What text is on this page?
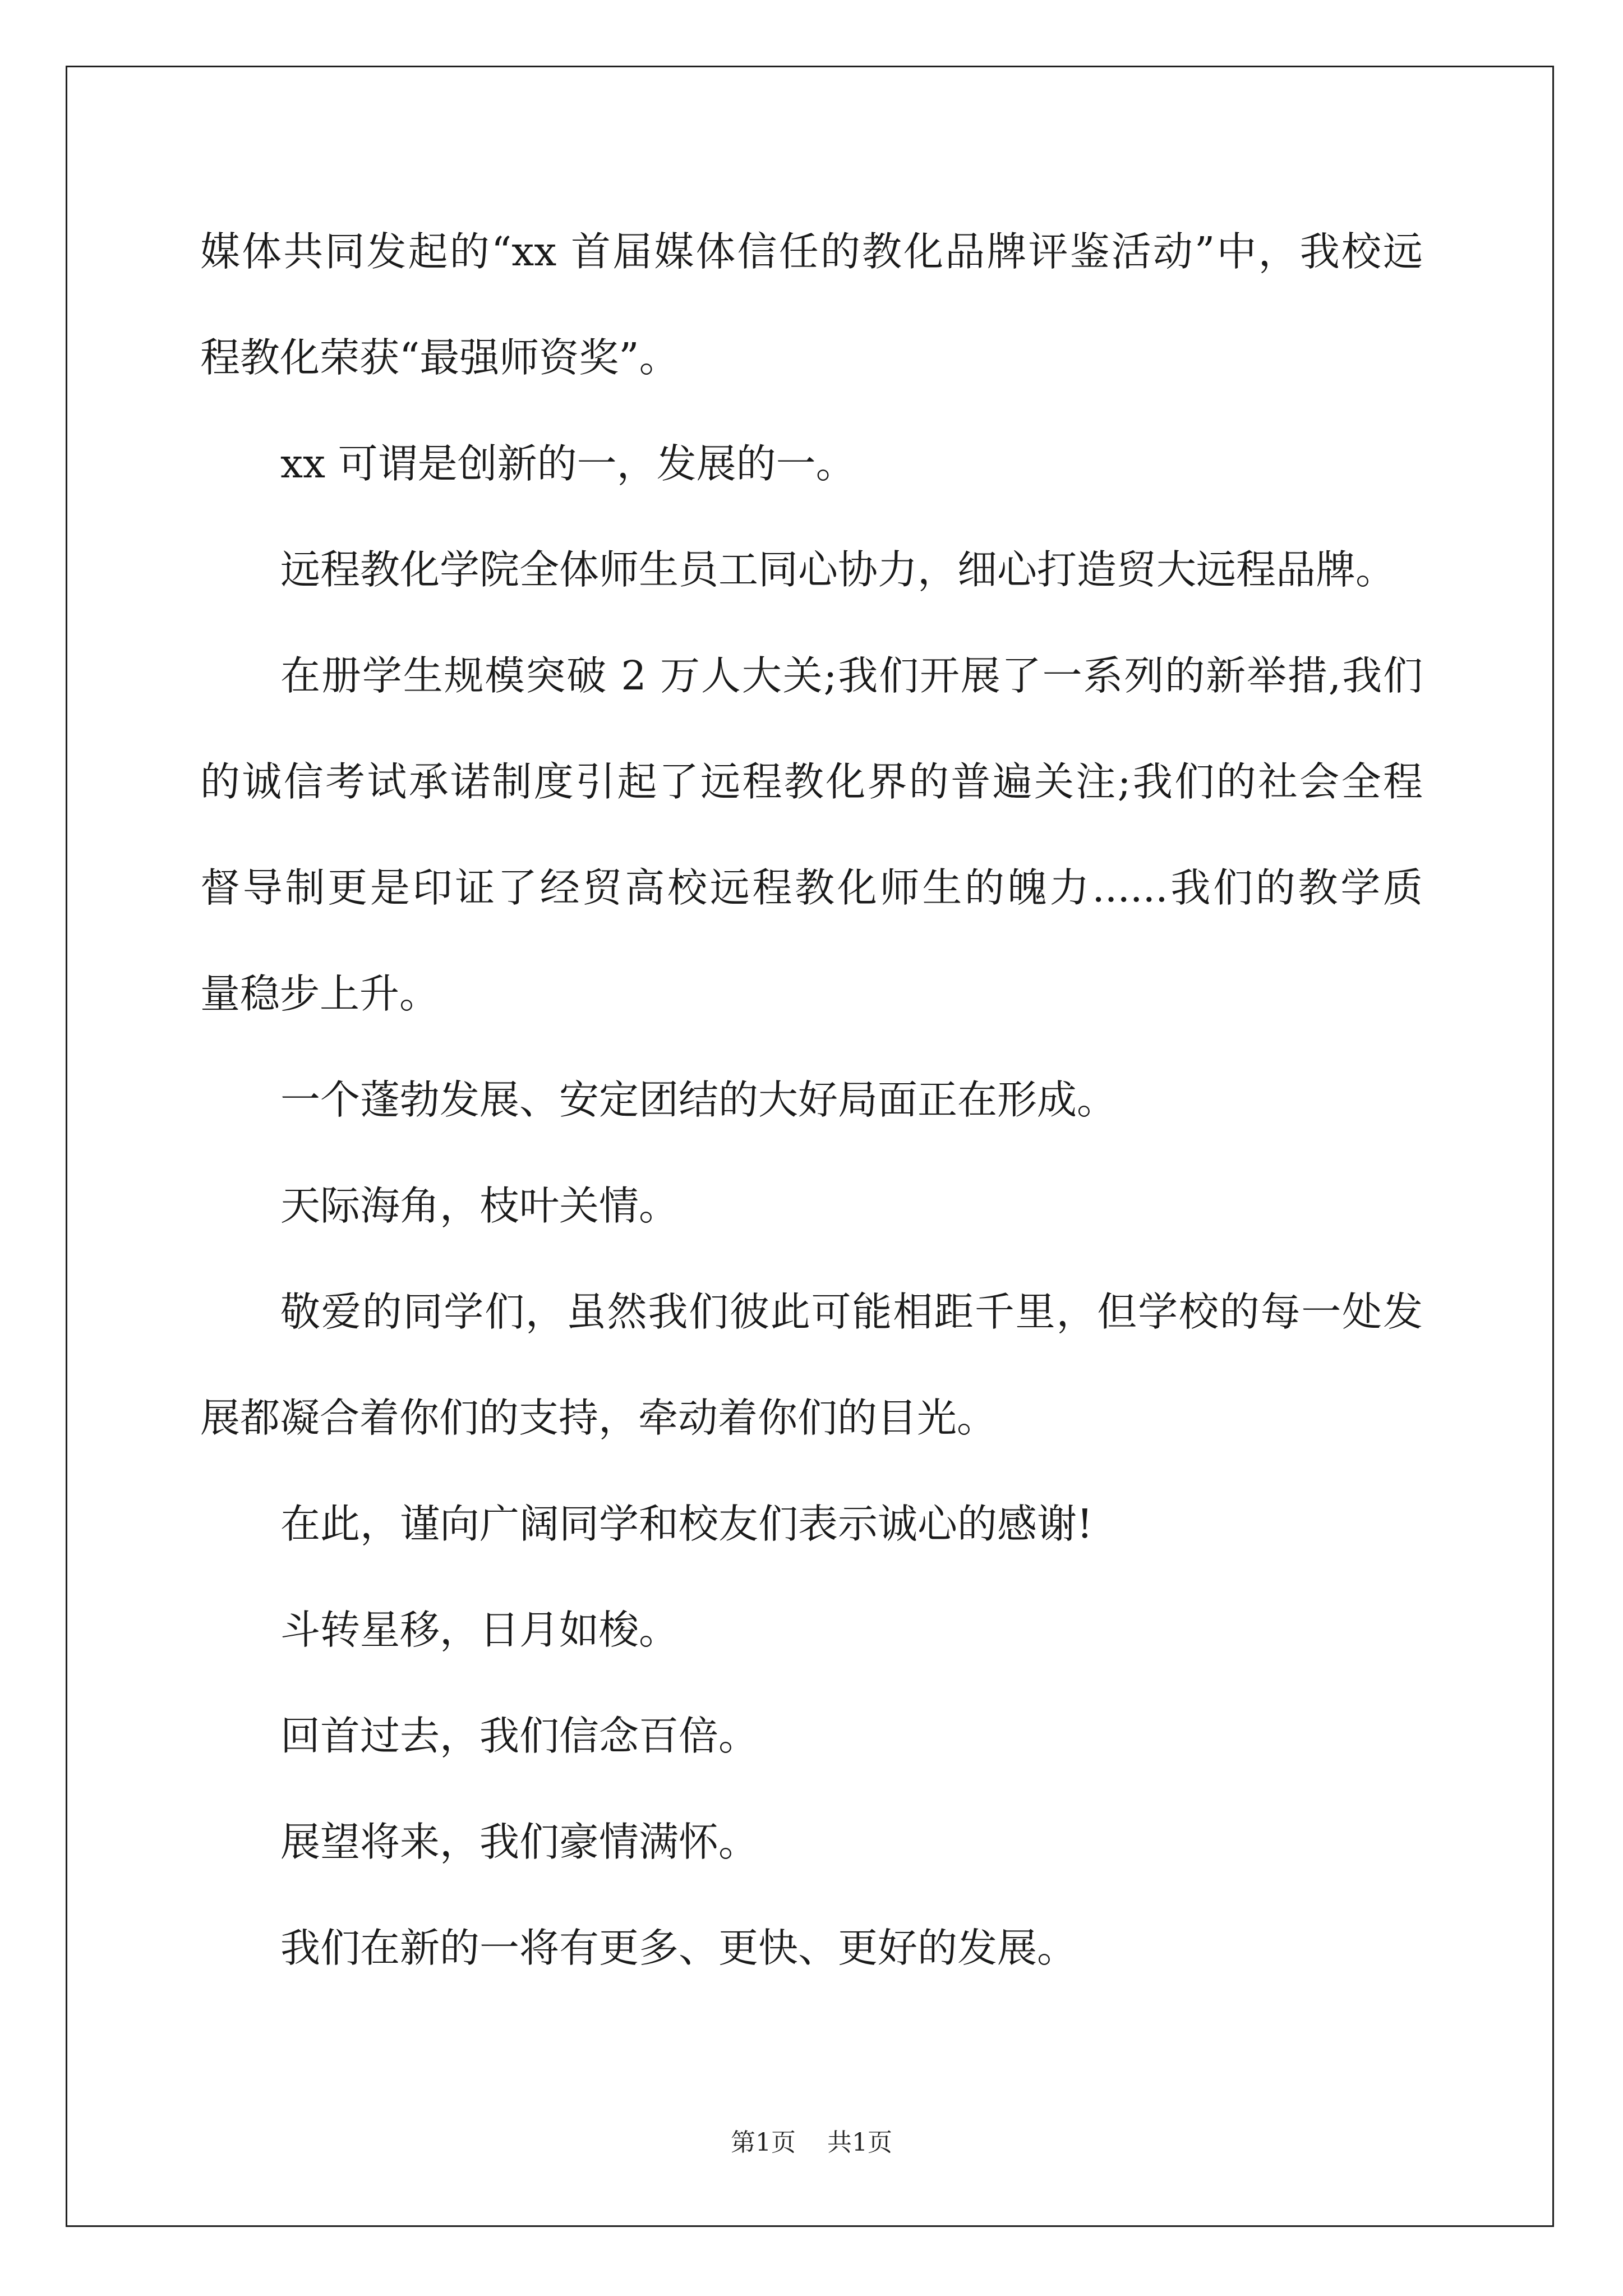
媒体共同发起的“xx 首届媒体信任的教化品牌评鉴活动”中，我校远
程教化荣获“最强师资奖”。
xx 可谓是创新的一，发展的一。
远程教化学院全体师生员工同心协力，细心打造贸大远程品牌。
在册学生规模突破 2 万人大关;我们开展了一系列的新举措,我们
的诚信考试承诺制度引起了远程教化界的普遍关注;我们的社会全程
督导制更是印证了经贸高校远程教化师生的魄力......我们的教学质
量稳步上升。
一个蓬勃发展、安定团结的大好局面正在形成。
天际海角，枝叶关情。
敬爱的同学们，虽然我们彼此可能相距千里，但学校的每一处发
展都凝合着你们的支持，牵动着你们的目光。
在此，谨向广阔同学和校友们表示诚心的感谢!
斗转星移，日月如梭。
回首过去，我们信念百倍。
展望将来，我们豪情满怀。
我们在新的一将有更多、更快、更好的发展。
第1页 共1页
